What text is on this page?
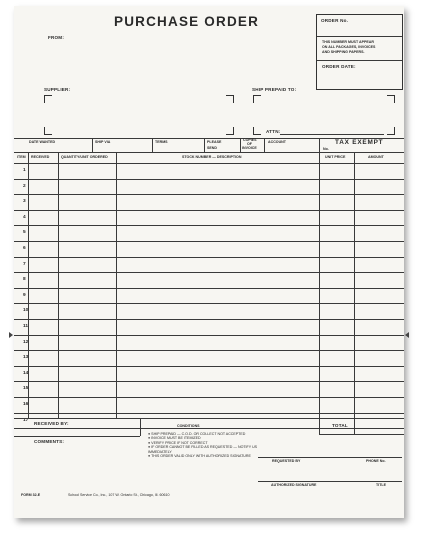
PURCHASE ORDER
FROM:
ORDER No.
THIS NUMBER MUST APPEAR
ON ALL PACKAGES, INVOICES
AND SHIPPING PAPERS.
ORDER DATE:
SUPPLIER:	SHIP PREPAID TO:
ATTN:
DATE WANTED	SHIP VIA	TERMS	PLEASE
SEND
COPIES
OF
INVOICE
ACCOUNT	TAX EXEMPT
No.
ITEM RECEIVED	QUANTITY/UNIT ORDERED	STOCK NUMBER — DESCRIPTION	UNIT PRICE	AMOUNT
1
2
3
4
5
6
7
8
9
10
11
12
13
14
15
16
17
TOTAL
RECEIVED BY:
COMMENTS:
CONDITIONS
● SHIP PREPAID — C.O.D. OR COLLECT NOT ACCEPTED
● INVOICE MUST BE ITEMIZED
● VERIFY PRICE IF NOT CORRECT
● IF ORDER CANNOT BE FILLED AS REQUESTED — NOTIFY US IMMEDIATELY
● THIS ORDER VALID ONLY WITH AUTHORIZED SIGNATURE
REQUESTED BY	PHONE No.
AUTHORIZED SIGNATURE	TITLE
FORM 32-E	School Service Co., Inc., 107 W. Ontario St., Chicago, Ill. 60610
